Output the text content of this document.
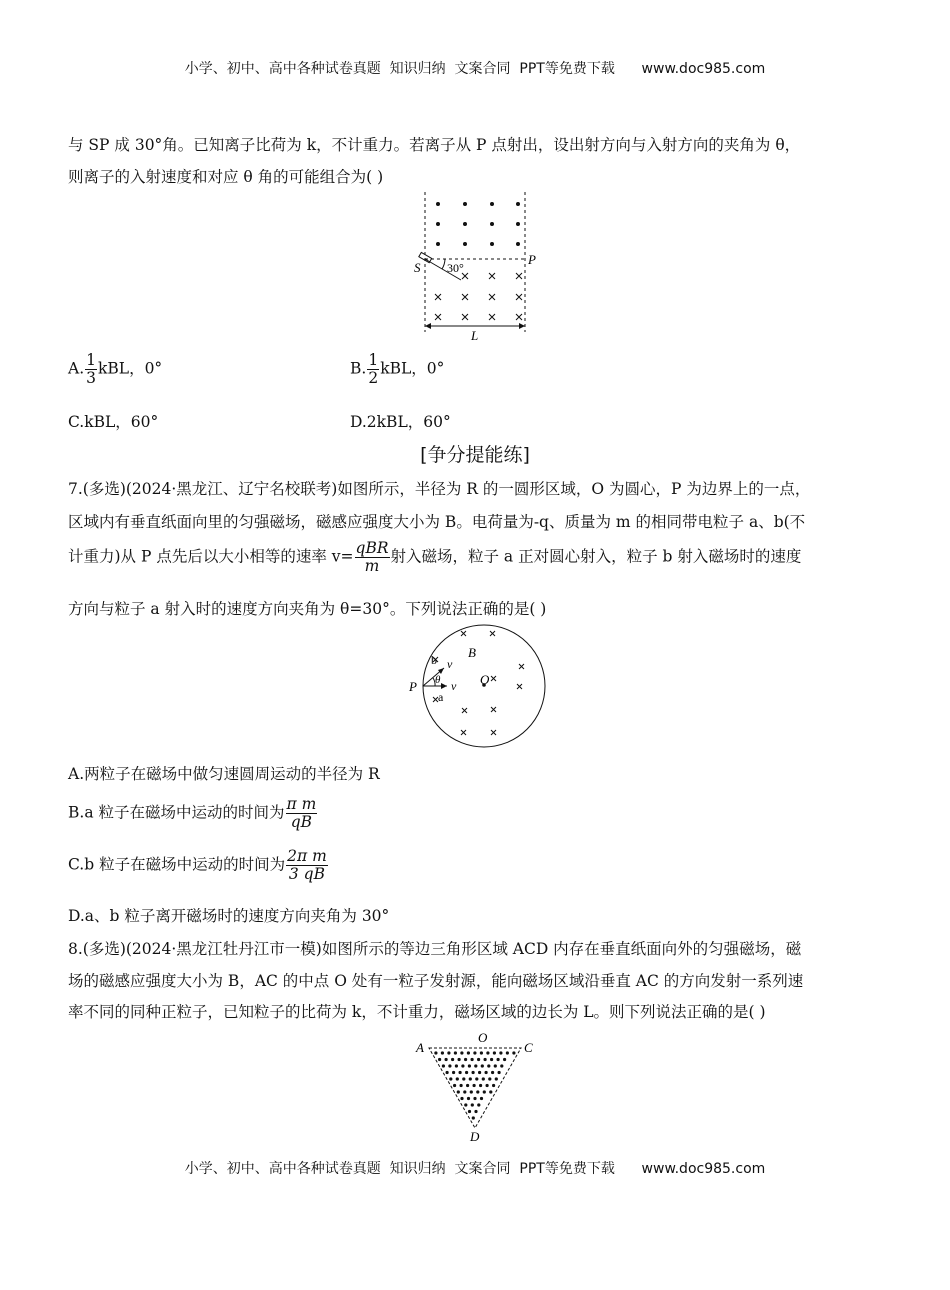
小学、初中、高中各种试卷真题  知识归纳  文案合同  PPT等免费下载      www.doc985.com
与 SP 成 30°角。已知离子比荷为 k，不计重力。若离子从 P 点射出，设出射方向与入射方向的夹角为 θ，
则离子的入射速度和对应 θ 角的可能组合为( )
30°
S
P
L
A. $\frac{1}{3}$ kBL，0°	B. $\frac{1}{2}$ kBL，0°
C.kBL，60°	D.2kBL，60°
[争分提能练]
7.(多选)(2024·黑龙江、辽宁名校联考)如图所示，半径为 R 的一圆形区域，O 为圆心，P 为边界上的一点，
区域内有垂直纸面向里的匀强磁场，磁感应强度大小为 B。电荷量为-q、质量为 m 的相同带电粒子 a、b(不
计重力)从 P 点先后以大小相等的速率 $v= \frac{\text{qBR}}{m}$ 射入磁场，粒子 a 正对圆心射入，粒子 b 射入磁场时的速度
方向与粒子 a 射入时的速度方向夹角为 θ=30°。下列说法正确的是( )
B
O
P
b v
θ v
a
A.两粒子在磁场中做匀速圆周运动的半径为 R
B.a 粒子在磁场中运动的时间为 $\frac{\text{π m}}{qB}$
C.b 粒子在磁场中运动的时间为 $\frac{\text{2π m}}{3 qB}$
D.a、b 粒子离开磁场时的速度方向夹角为 30°
8.(多选)(2024·黑龙江牡丹江市一模)如图所示的等边三角形区域 ACD 内存在垂直纸面向外的匀强磁场，磁
场的磁感应强度大小为 B，AC 的中点 O 处有一粒子发射源，能向磁场区域沿垂直 AC 的方向发射一系列速
率不同的同种正粒子，已知粒子的比荷为 k，不计重力，磁场区域的边长为 L。则下列说法正确的是( )
A
O
C
D
小学、初中、高中各种试卷真题  知识归纳  文案合同  PPT等免费下载      www.doc985.com
